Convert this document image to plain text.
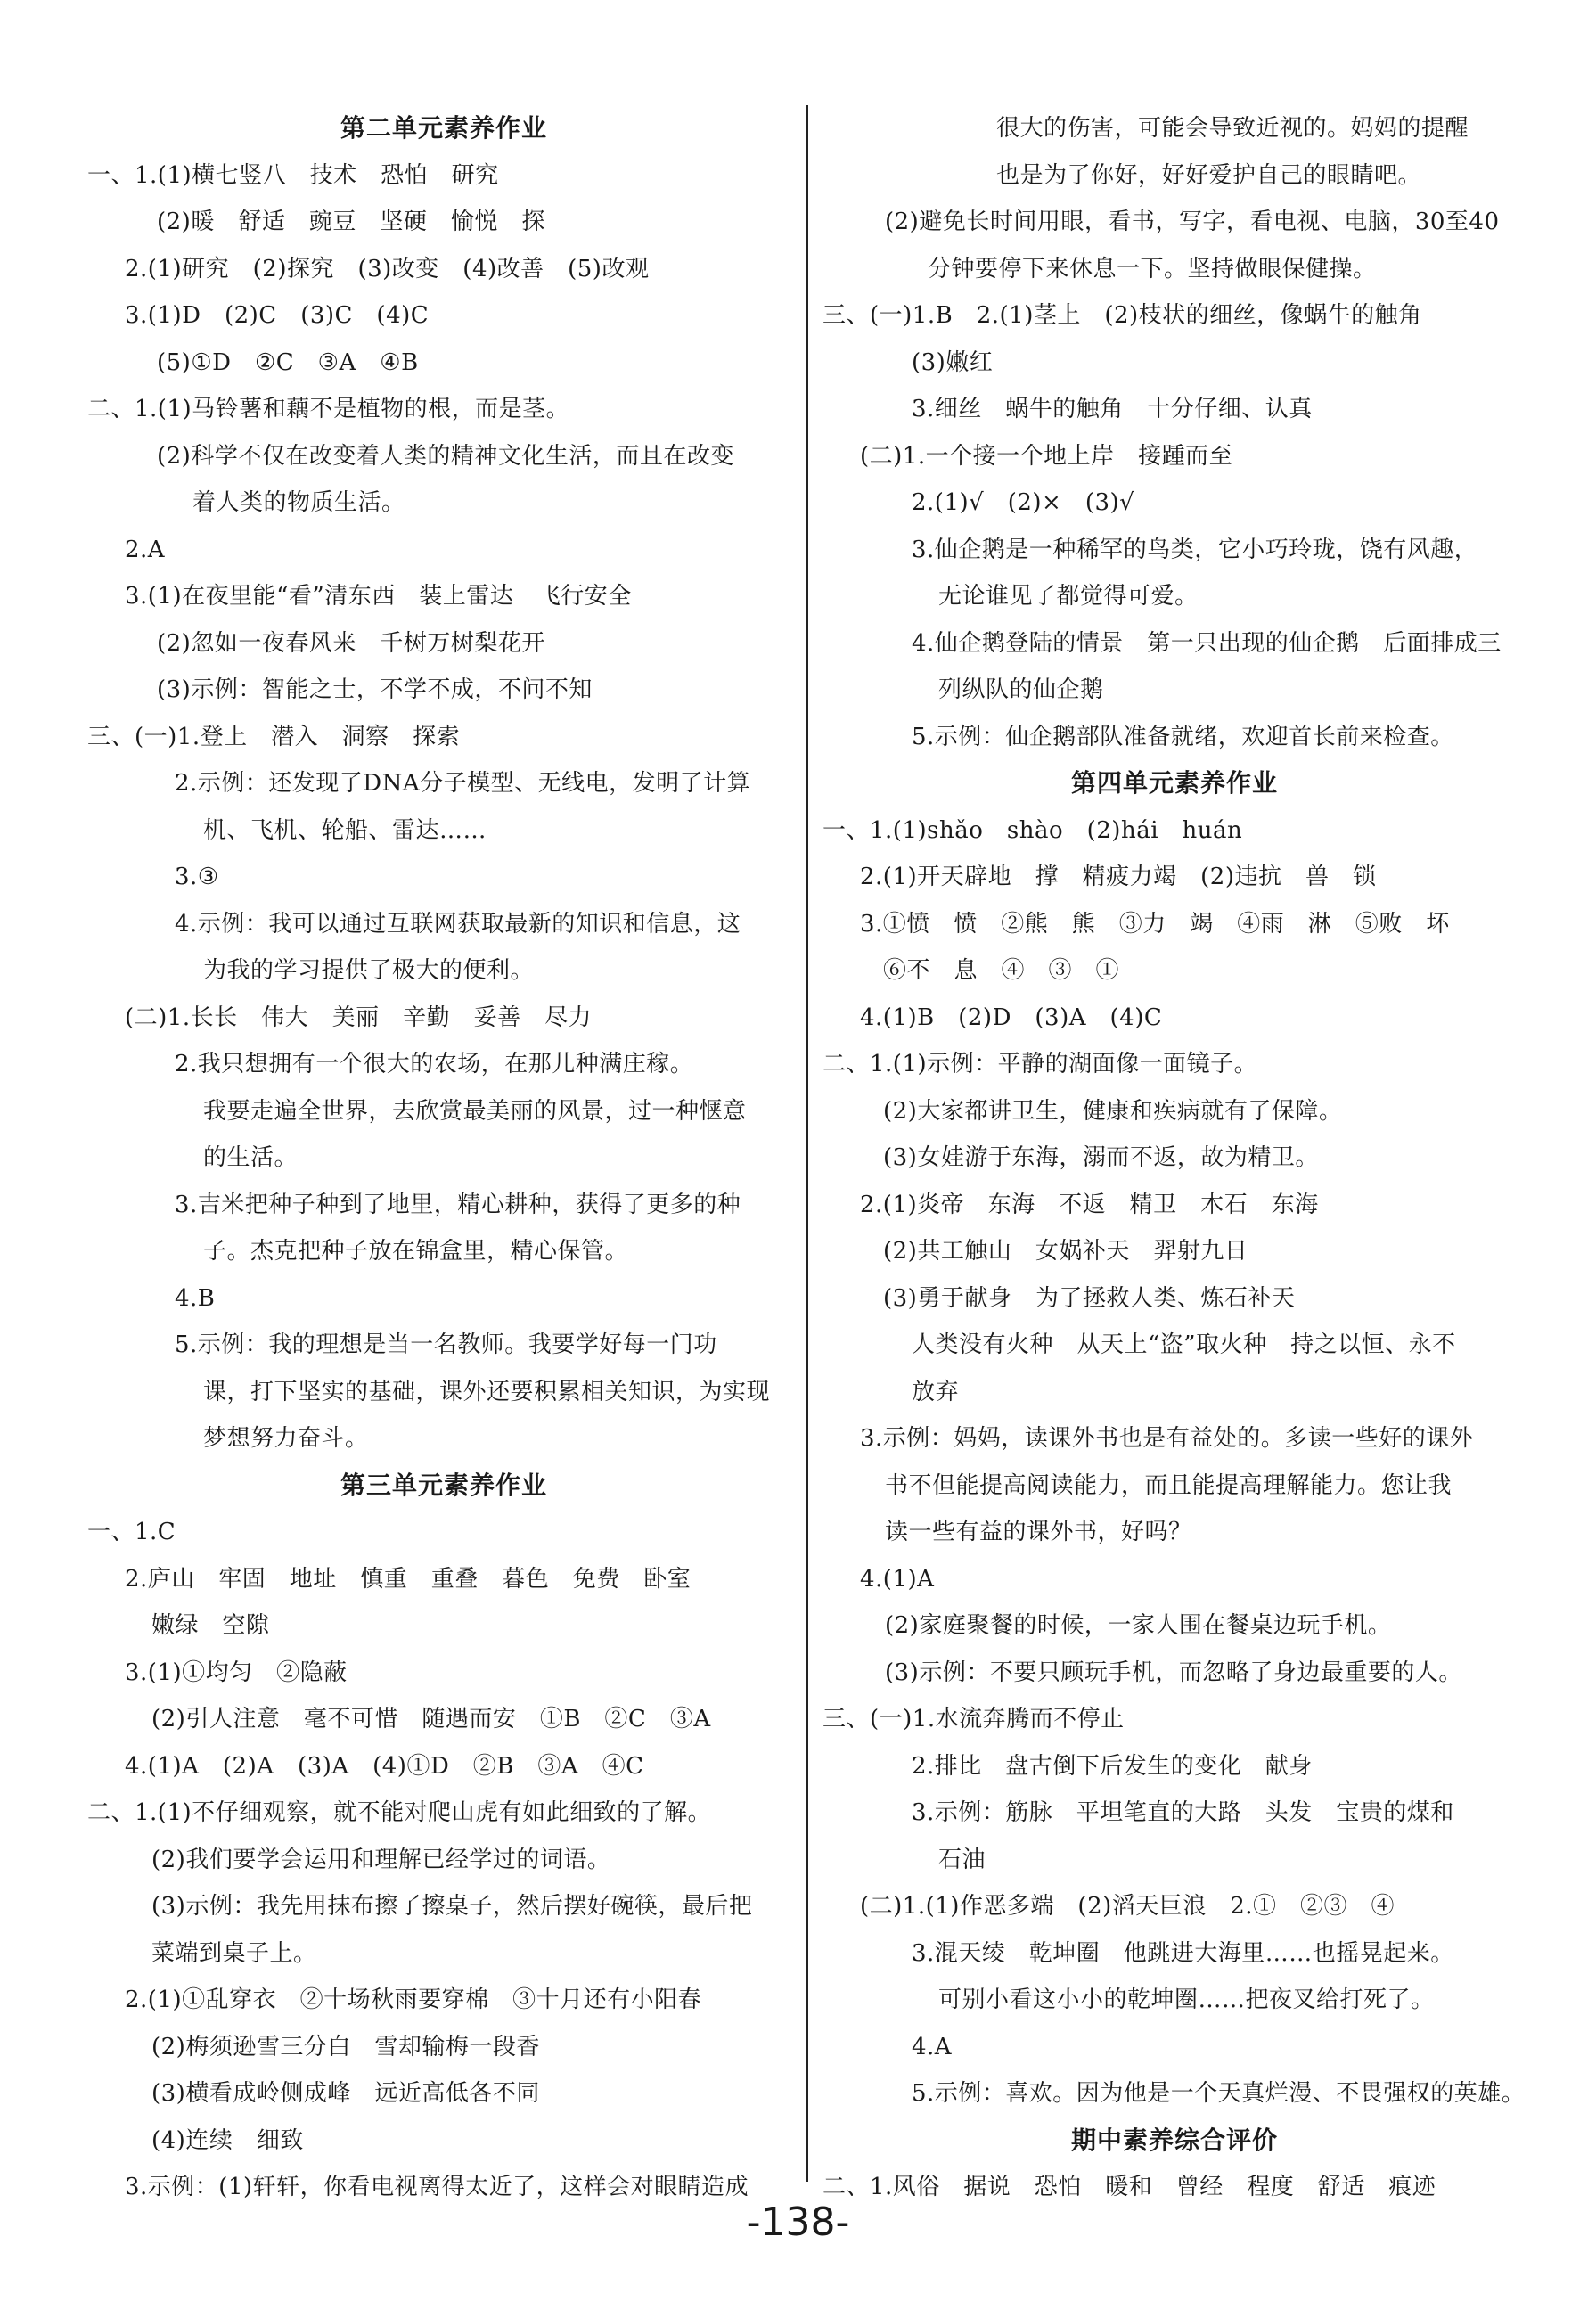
第二单元素养作业
一、1.(1)横七竖八　技术　恐怕　研究
(2)暖　舒适　豌豆　坚硬　愉悦　探
2.(1)研究　(2)探究　(3)改变　(4)改善　(5)改观
3.(1)D　(2)C　(3)C　(4)C
(5)①D　②C　③A　④B
二、1.(1)马铃薯和藕不是植物的根，而是茎。
(2)科学不仅在改变着人类的精神文化生活，而且在改变
着人类的物质生活。
2.A
3.(1)在夜里能“看”清东西　装上雷达　飞行安全
(2)忽如一夜春风来　千树万树梨花开
(3)示例：智能之士，不学不成，不问不知
三、(一)1.登上　潜入　洞察　探索
2.示例：还发现了DNA分子模型、无线电，发明了计算
机、飞机、轮船、雷达……
3.③
4.示例：我可以通过互联网获取最新的知识和信息，这
为我的学习提供了极大的便利。
(二)1.长长　伟大　美丽　辛勤　妥善　尽力
2.我只想拥有一个很大的农场，在那儿种满庄稼。
我要走遍全世界，去欣赏最美丽的风景，过一种惬意
的生活。
3.吉米把种子种到了地里，精心耕种，获得了更多的种
子。杰克把种子放在锦盒里，精心保管。
4.B
5.示例：我的理想是当一名教师。我要学好每一门功
课，打下坚实的基础，课外还要积累相关知识，为实现
梦想努力奋斗。
第三单元素养作业
一、1.C
2.庐山　牢固　地址　慎重　重叠　暮色　免费　卧室
嫩绿　空隙
3.(1)①均匀　②隐蔽
(2)引人注意　毫不可惜　随遇而安　①B　②C　③A
4.(1)A　(2)A　(3)A　(4)①D　②B　③A　④C
二、1.(1)不仔细观察，就不能对爬山虎有如此细致的了解。
(2)我们要学会运用和理解已经学过的词语。
(3)示例：我先用抹布擦了擦桌子，然后摆好碗筷，最后把
菜端到桌子上。
2.(1)①乱穿衣　②十场秋雨要穿棉　③十月还有小阳春
(2)梅须逊雪三分白　雪却输梅一段香
(3)横看成岭侧成峰　远近高低各不同
(4)连续　细致
3.示例：(1)轩轩，你看电视离得太近了，这样会对眼睛造成
很大的伤害，可能会导致近视的。妈妈的提醒
也是为了你好，好好爱护自己的眼睛吧。
(2)避免长时间用眼，看书，写字，看电视、电脑，30至40
分钟要停下来休息一下。坚持做眼保健操。
三、(一)1.B　2.(1)茎上　(2)枝状的细丝，像蜗牛的触角
(3)嫩红
3.细丝　蜗牛的触角　十分仔细、认真
(二)1.一个接一个地上岸　接踵而至
2.(1)√　(2)×　(3)√
3.仙企鹅是一种稀罕的鸟类，它小巧玲珑，饶有风趣，
无论谁见了都觉得可爱。
4.仙企鹅登陆的情景　第一只出现的仙企鹅　后面排成三
列纵队的仙企鹅
5.示例：仙企鹅部队准备就绪，欢迎首长前来检查。
第四单元素养作业
一、1.(1)shǎo　shào　(2)hái　huán
2.(1)开天辟地　撑　精疲力竭　(2)违抗　兽　锁
3.①愤　愤　②熊　熊　③力　竭　④雨　淋　⑤败　坏
⑥不　息　④　③　①
4.(1)B　(2)D　(3)A　(4)C
二、1.(1)示例：平静的湖面像一面镜子。
(2)大家都讲卫生，健康和疾病就有了保障。
(3)女娃游于东海，溺而不返，故为精卫。
2.(1)炎帝　东海　不返　精卫　木石　东海
(2)共工触山　女娲补天　羿射九日
(3)勇于献身　为了拯救人类、炼石补天
人类没有火种　从天上“盗”取火种　持之以恒、永不
放弃
3.示例：妈妈，读课外书也是有益处的。多读一些好的课外
书不但能提高阅读能力，而且能提高理解能力。您让我
读一些有益的课外书，好吗？
4.(1)A
(2)家庭聚餐的时候，一家人围在餐桌边玩手机。
(3)示例：不要只顾玩手机，而忽略了身边最重要的人。
三、(一)1.水流奔腾而不停止
2.排比　盘古倒下后发生的变化　献身
3.示例：筋脉　平坦笔直的大路　头发　宝贵的煤和
石油
(二)1.(1)作恶多端　(2)滔天巨浪　2.①　②③　④
3.混天绫　乾坤圈　他跳进大海里……也摇晃起来。
可别小看这小小的乾坤圈……把夜叉给打死了。
4.A
5.示例：喜欢。因为他是一个天真烂漫、不畏强权的英雄。
期中素养综合评价
二、1.风俗　据说　恐怕　暖和　曾经　程度　舒适　痕迹
-138-
